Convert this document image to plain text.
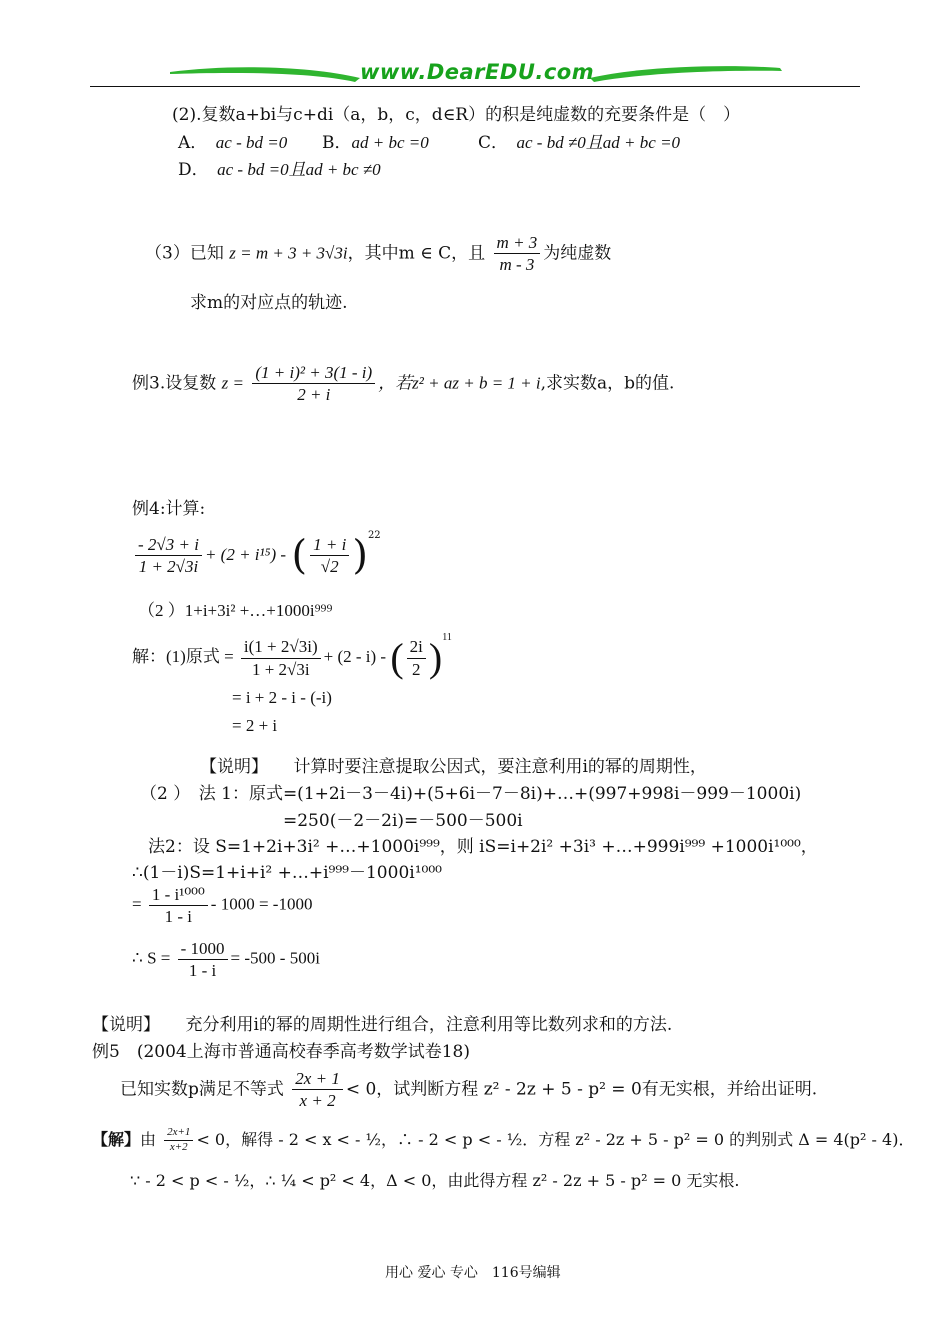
www.DearEDU.com
(2).复数a+bi与c+di（a，b，c，d∈R）的积是纯虚数的充要条件是（　）
A．　 ac - bd =0 B．ad + bc =0	C．　 ac - bd ≠0且ad + bc =0
D．　 ac - bd =0且ad + bc ≠0
（3）已知 z = m + 3 + 3√3i，其中m ∈ C，且 $\frac{m + 3}{m - 3}$ 为纯虚数
求m的对应点的轨迹.
例3.设复数 $z = \frac{\text{(1 + i)² + 3(1 - i)}}{2 + i}$ ，若z² + az + b = 1 + i,求实数a，b的值.
例4:计算:
$\frac{- 2√3 + i}{1 + 2√3i} + (2 + i^{15})$ - ( $\frac{1 + i}{√2} )^{22}$
（2 ）1+i+3i² +…+1000i⁹⁹⁹
解：(1)原式 = $\frac{i(1 + 2√3i)}{1 + 2√3i} + (2 - i)$ - ( $\frac{2i}{2} )^{11}$
= i + 2 - i - (-i)
= 2 + i
【说明】　　 计算时要注意提取公因式，要注意利用i的幂的周期性，
（2 ）　法 1：原式=(1+2i－3－4i)+(5+6i－7－8i)+…+(997+998i－999－1000i)
=250(－2－2i)=－500－500i
法2：设 S=1+2i+3i² +…+1000i⁹⁹⁹，则 iS=i+2i² +3i³ +…+999i⁹⁹⁹ +1000i¹⁰⁰⁰，
∴(1－i)S=1+i+i² +…+i⁹⁹⁹－1000i¹⁰⁰⁰
= $\frac{\text{1 - i¹⁰⁰⁰}}{1 - i} - 1000 = -1000$
∴ $S = \frac{- 1000}{1 - i} = -500 - 500i$
【说明】　　 充分利用i的幂的周期性进行组合，注意利用等比数列求和的方法.
例5　(2004上海市普通高校春季高考数学试卷18)
已知实数p满足不等式 $\frac{2x + 1}{x + 2} < 0$，试判断方程 z² - 2z + 5 - p² = 0有无实根，并给出证明.
【解】由 $\frac{2x+1}{x+2} < 0$，解得 - 2 < x < - ½，∴ - 2 < p < - ½．方程 z² - 2z + 5 - p² = 0 的判别式 Δ = 4(p² - 4)．
∵ - 2 < p < - ½，∴ ¼ < p² < 4，Δ < 0，由此得方程 z² - 2z + 5 - p² = 0 无实根.
用心 爱心 专心　116号编辑
